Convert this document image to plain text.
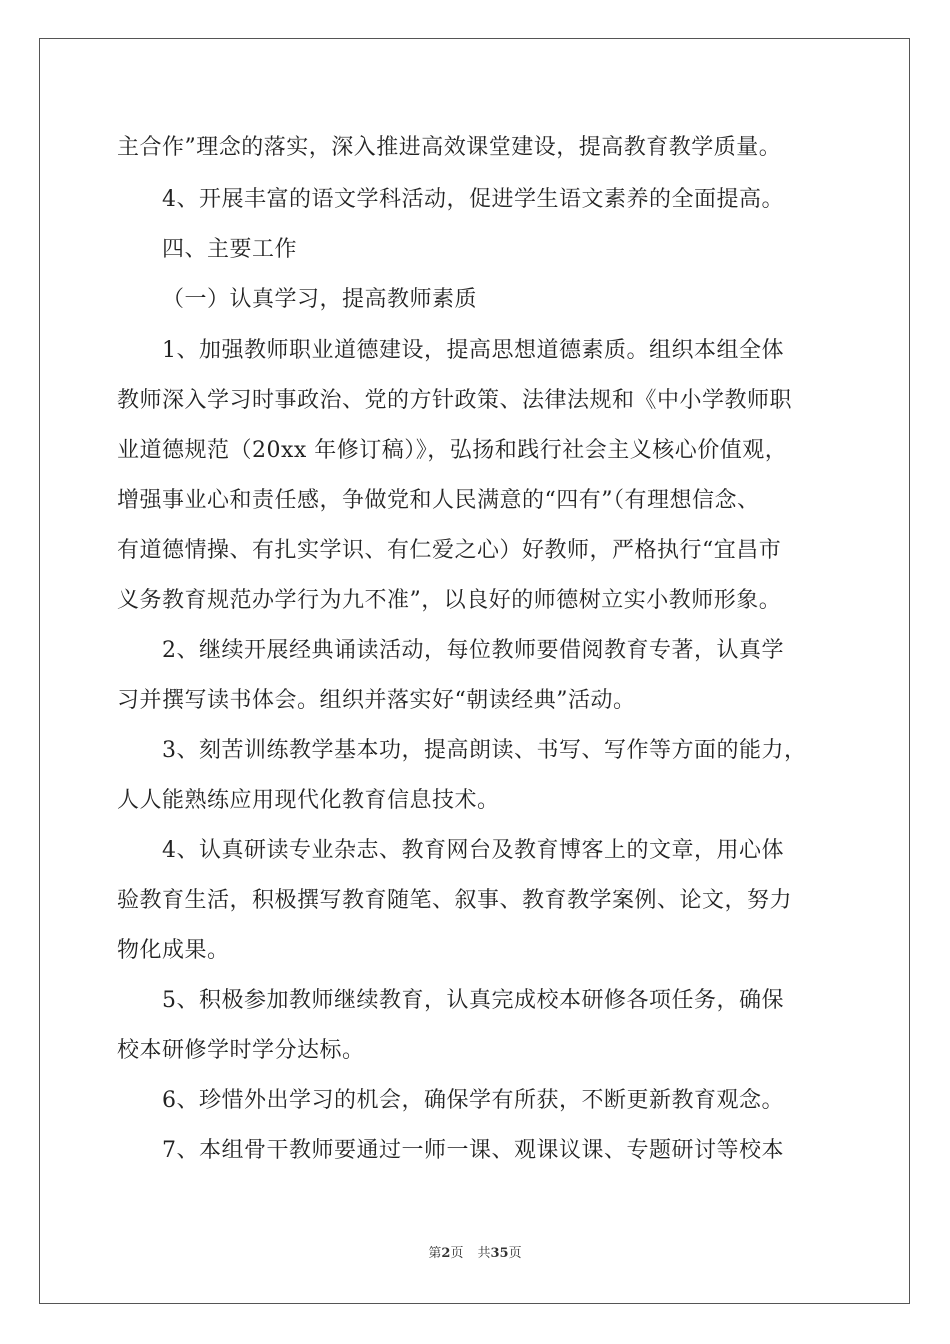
主合作”理念的落实，深入推进高效课堂建设，提高教育教学质量。
4、开展丰富的语文学科活动，促进学生语文素养的全面提高。
四、主要工作
（一）认真学习，提高教师素质
1、加强教师职业道德建设，提高思想道德素质。组织本组全体
教师深入学习时事政治、党的方针政策、法律法规和《中小学教师职
业道德规范（20xx 年修订稿）》，弘扬和践行社会主义核心价值观，
增强事业心和责任感，争做党和人民满意的“四有”（有理想信念、
有道德情操、有扎实学识、有仁爱之心）好教师，严格执行“宜昌市
义务教育规范办学行为九不准”，以良好的师德树立实小教师形象。
2、继续开展经典诵读活动，每位教师要借阅教育专著，认真学
习并撰写读书体会。组织并落实好“朝读经典”活动。
3、刻苦训练教学基本功，提高朗读、书写、写作等方面的能力，
人人能熟练应用现代化教育信息技术。
4、认真研读专业杂志、教育网台及教育博客上的文章，用心体
验教育生活，积极撰写教育随笔、叙事、教育教学案例、论文，努力
物化成果。
5、积极参加教师继续教育，认真完成校本研修各项任务，确保
校本研修学时学分达标。
6、珍惜外出学习的机会，确保学有所获，不断更新教育观念。
7、本组骨干教师要通过一师一课、观课议课、专题研讨等校本
第2页 共35页
